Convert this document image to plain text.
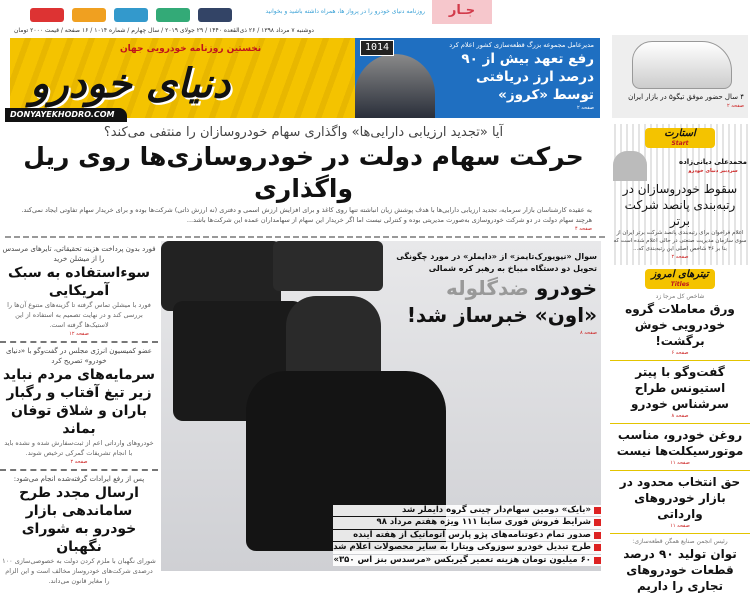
روزنامه دنیای خودرو را در پرواز ها، همراه داشته باشید و بخوانید	جـار
دوشنبه ۷ مرداد ۱۳۹۸ / ۲۶ ذی‌القعده ۱۴۴۰ / ۲۹ جولای ۲۰۱۹ / سال چهارم / شماره ۱۰۱۴ / ۱۶ صفحه / قیمت ۲۰۰۰ تومان
نخستین روزنامه خودرویی جهان
دنیای خودرو
1014	مدیرعامل مجموعه بزرگ قطعه‌سازی کشور اعلام کرد
رفع تعهد بیش از ۹۰ درصد ارز دریافتی توسط «کروز»
صفحه ۲
DONYAYEKHODRO.COM
۴ سال حضور موفق تیگو۵ در بازار ایران
صفحه ۲
آیا «تجدید ارزیابی دارایی‌ها» واگذاری سهام خودروسازان را منتفی می‌کند؟
حرکت سهام دولت در خودروسازی‌ها روی ریل واگذاری
به عقیده کارشناسان بازار سرمایه، تجدید ارزیابی دارایی‌ها با هدف پوشش زیان انباشته تنها روی کاغذ و برای افزایش ارزش اسمی و دفتری (نه ارزش ذاتی) شرکت‌ها بوده و برای خریدار سهام تفاوتی ایجاد نمی‌کند. هرچند سهام دولت در دو شرکت خودروسازی به‌صورت مدیریتی بوده و کنترلی نیست اما اگر خریدار این سهام از سهامداران عمده این شرکت‌ها باشد...
صفحه ۴
فورد بدون پرداخت هزینه تحقیقاتی، تایرهای مرسدس را از میشلن خرید
سوءاستفاده به سبک آمریکایی
فورد با میشلن تماس گرفته تا گزینه‌های متنوع آن‌ها را بررسی کند و در نهایت تصمیم به استفاده از این لاستیک‌ها گرفته است.
صفحه ۱۲
عضو کمیسیون انرژی مجلس در گفت‌وگو با «دنیای خودرو» تصریح کرد
سرمایه‌های مردم نباید زیر تیغ آفتاب و رگبار باران و شلاق توفان بماند
خودروهای وارداتی اعم از ثبت‌سفارش شده و نشده باید با انجام تشریفات گمرکی ترخیص شوند.
صفحه ۲
پس از رفع ایرادات گرفته‌شده انجام می‌شود:
ارسال مجدد طرح ساماندهی بازار خودرو به شورای نگهبان
شورای نگهبان با ملزم کردن دولت به خصوصی‌سازی ۱۰۰ درصدی شرکت‌های خودروساز مخالف است و این الزام را مغایر قانون می‌داند.
سوال «نیویورک‌تایمز» از «دایملر» در مورد چگونگی تحویل دو دستگاه میباخ به رهبر کره شمالی
خودرو ضدگلوله
«اون» خبرساز شد!
صفحه ۸
«بایک» دومین سهام‌دار چینی گروه دایملر شد
شرایط فروش فوری ساینا ۱۱۱ ویژه هفتم مرداد ۹۸
صدور تمام دعوتنامه‌های پژو پارس اتوماتیک از هفته آینده
طرح تبدیل خودرو سوزوکی ویتارا به سایر محصولات اعلام شد
۶۰ میلیون تومان هزینه تعمیر گیربکس «مرسدس بنز اس ۳۵۰»
استارت
Start
محمدعلی دیانی‌زاده
سردبیر دنیای خودرو
سقوط خودروسازان در رتبه‌بندی پانصد شرکت برتر
اعلام فراخوان برای رتبه‌بندی پانصد شرکت برتر ایران از سوی سازمان مدیریت صنعتی در حالی اعلام شده است که بنا بر ۳۶ شاخص اصلی این رتبه‌بندی که...
صفحه ۲
تیترهای امروز
Titles
شاخص کل مرجا زد
ورق معاملات گروه خودرویی خوش برگشت!
صفحه ۶
گفت‌وگو با پیتر استیونس طراح سرشناس خودرو
صفحه ۸
روغن خودرو، مناسب موتورسیکلت‌ها نیست
صفحه ۱۱
حق انتخاب محدود در بازار خودروهای وارداتی
صفحه ۱۱
رئیس انجمن صنایع همگن قطعه‌سازی:
توان تولید ۹۰ درصد قطعات خودروهای تجاری را داریم
